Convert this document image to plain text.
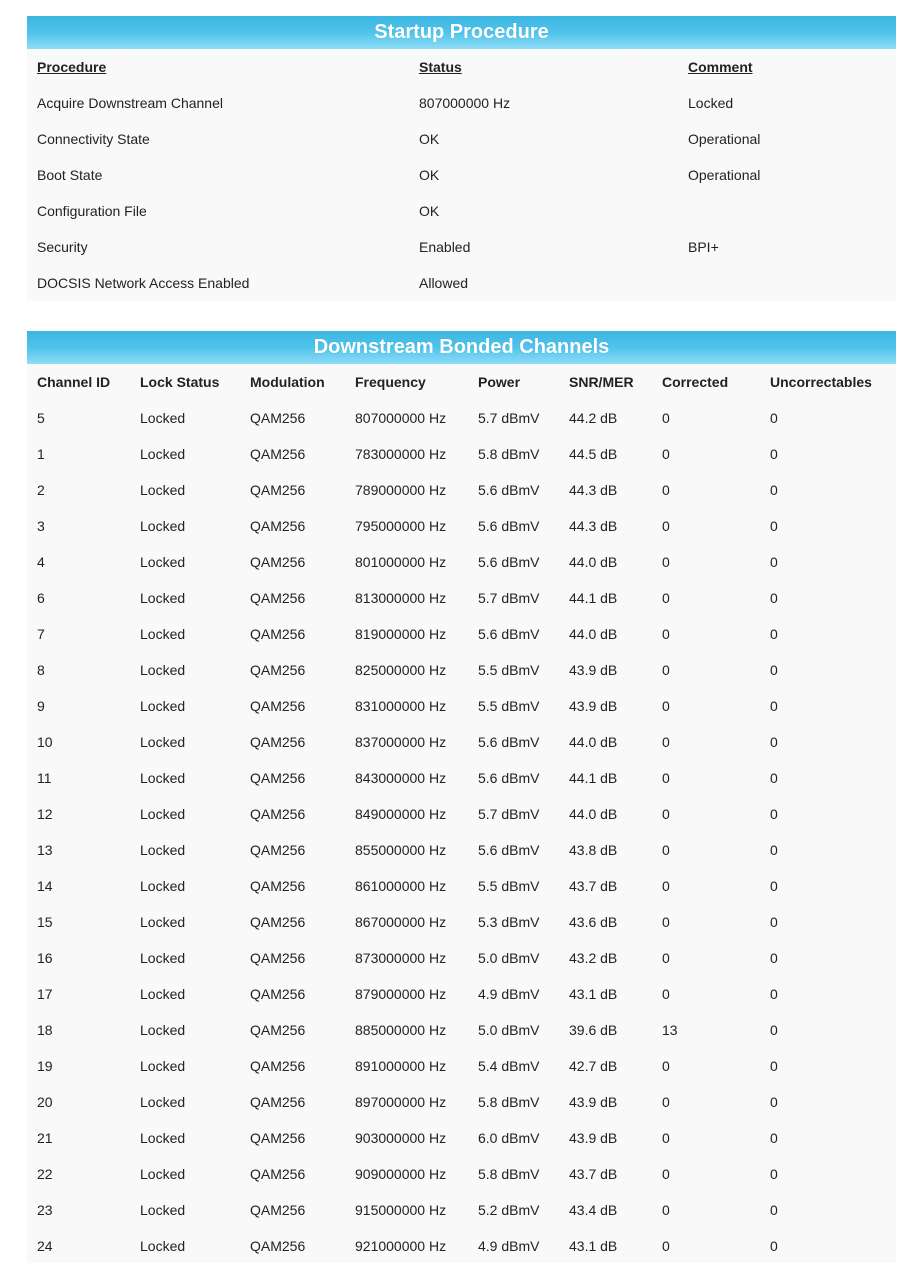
Startup Procedure
Procedure	Status	Comment
Acquire Downstream Channel	807000000 Hz	Locked
Connectivity State	OK	Operational
Boot State	OK	Operational
Configuration File	OK	
Security	Enabled	BPI+
DOCSIS Network Access Enabled	Allowed	
Downstream Bonded Channels
Channel ID	Lock Status	Modulation	Frequency	Power	SNR/MER	Corrected	Uncorrectables
5	Locked	QAM256	807000000 Hz	5.7 dBmV	44.2 dB	0	0
1	Locked	QAM256	783000000 Hz	5.8 dBmV	44.5 dB	0	0
2	Locked	QAM256	789000000 Hz	5.6 dBmV	44.3 dB	0	0
3	Locked	QAM256	795000000 Hz	5.6 dBmV	44.3 dB	0	0
4	Locked	QAM256	801000000 Hz	5.6 dBmV	44.0 dB	0	0
6	Locked	QAM256	813000000 Hz	5.7 dBmV	44.1 dB	0	0
7	Locked	QAM256	819000000 Hz	5.6 dBmV	44.0 dB	0	0
8	Locked	QAM256	825000000 Hz	5.5 dBmV	43.9 dB	0	0
9	Locked	QAM256	831000000 Hz	5.5 dBmV	43.9 dB	0	0
10	Locked	QAM256	837000000 Hz	5.6 dBmV	44.0 dB	0	0
11	Locked	QAM256	843000000 Hz	5.6 dBmV	44.1 dB	0	0
12	Locked	QAM256	849000000 Hz	5.7 dBmV	44.0 dB	0	0
13	Locked	QAM256	855000000 Hz	5.6 dBmV	43.8 dB	0	0
14	Locked	QAM256	861000000 Hz	5.5 dBmV	43.7 dB	0	0
15	Locked	QAM256	867000000 Hz	5.3 dBmV	43.6 dB	0	0
16	Locked	QAM256	873000000 Hz	5.0 dBmV	43.2 dB	0	0
17	Locked	QAM256	879000000 Hz	4.9 dBmV	43.1 dB	0	0
18	Locked	QAM256	885000000 Hz	5.0 dBmV	39.6 dB	13	0
19	Locked	QAM256	891000000 Hz	5.4 dBmV	42.7 dB	0	0
20	Locked	QAM256	897000000 Hz	5.8 dBmV	43.9 dB	0	0
21	Locked	QAM256	903000000 Hz	6.0 dBmV	43.9 dB	0	0
22	Locked	QAM256	909000000 Hz	5.8 dBmV	43.7 dB	0	0
23	Locked	QAM256	915000000 Hz	5.2 dBmV	43.4 dB	0	0
24	Locked	QAM256	921000000 Hz	4.9 dBmV	43.1 dB	0	0
